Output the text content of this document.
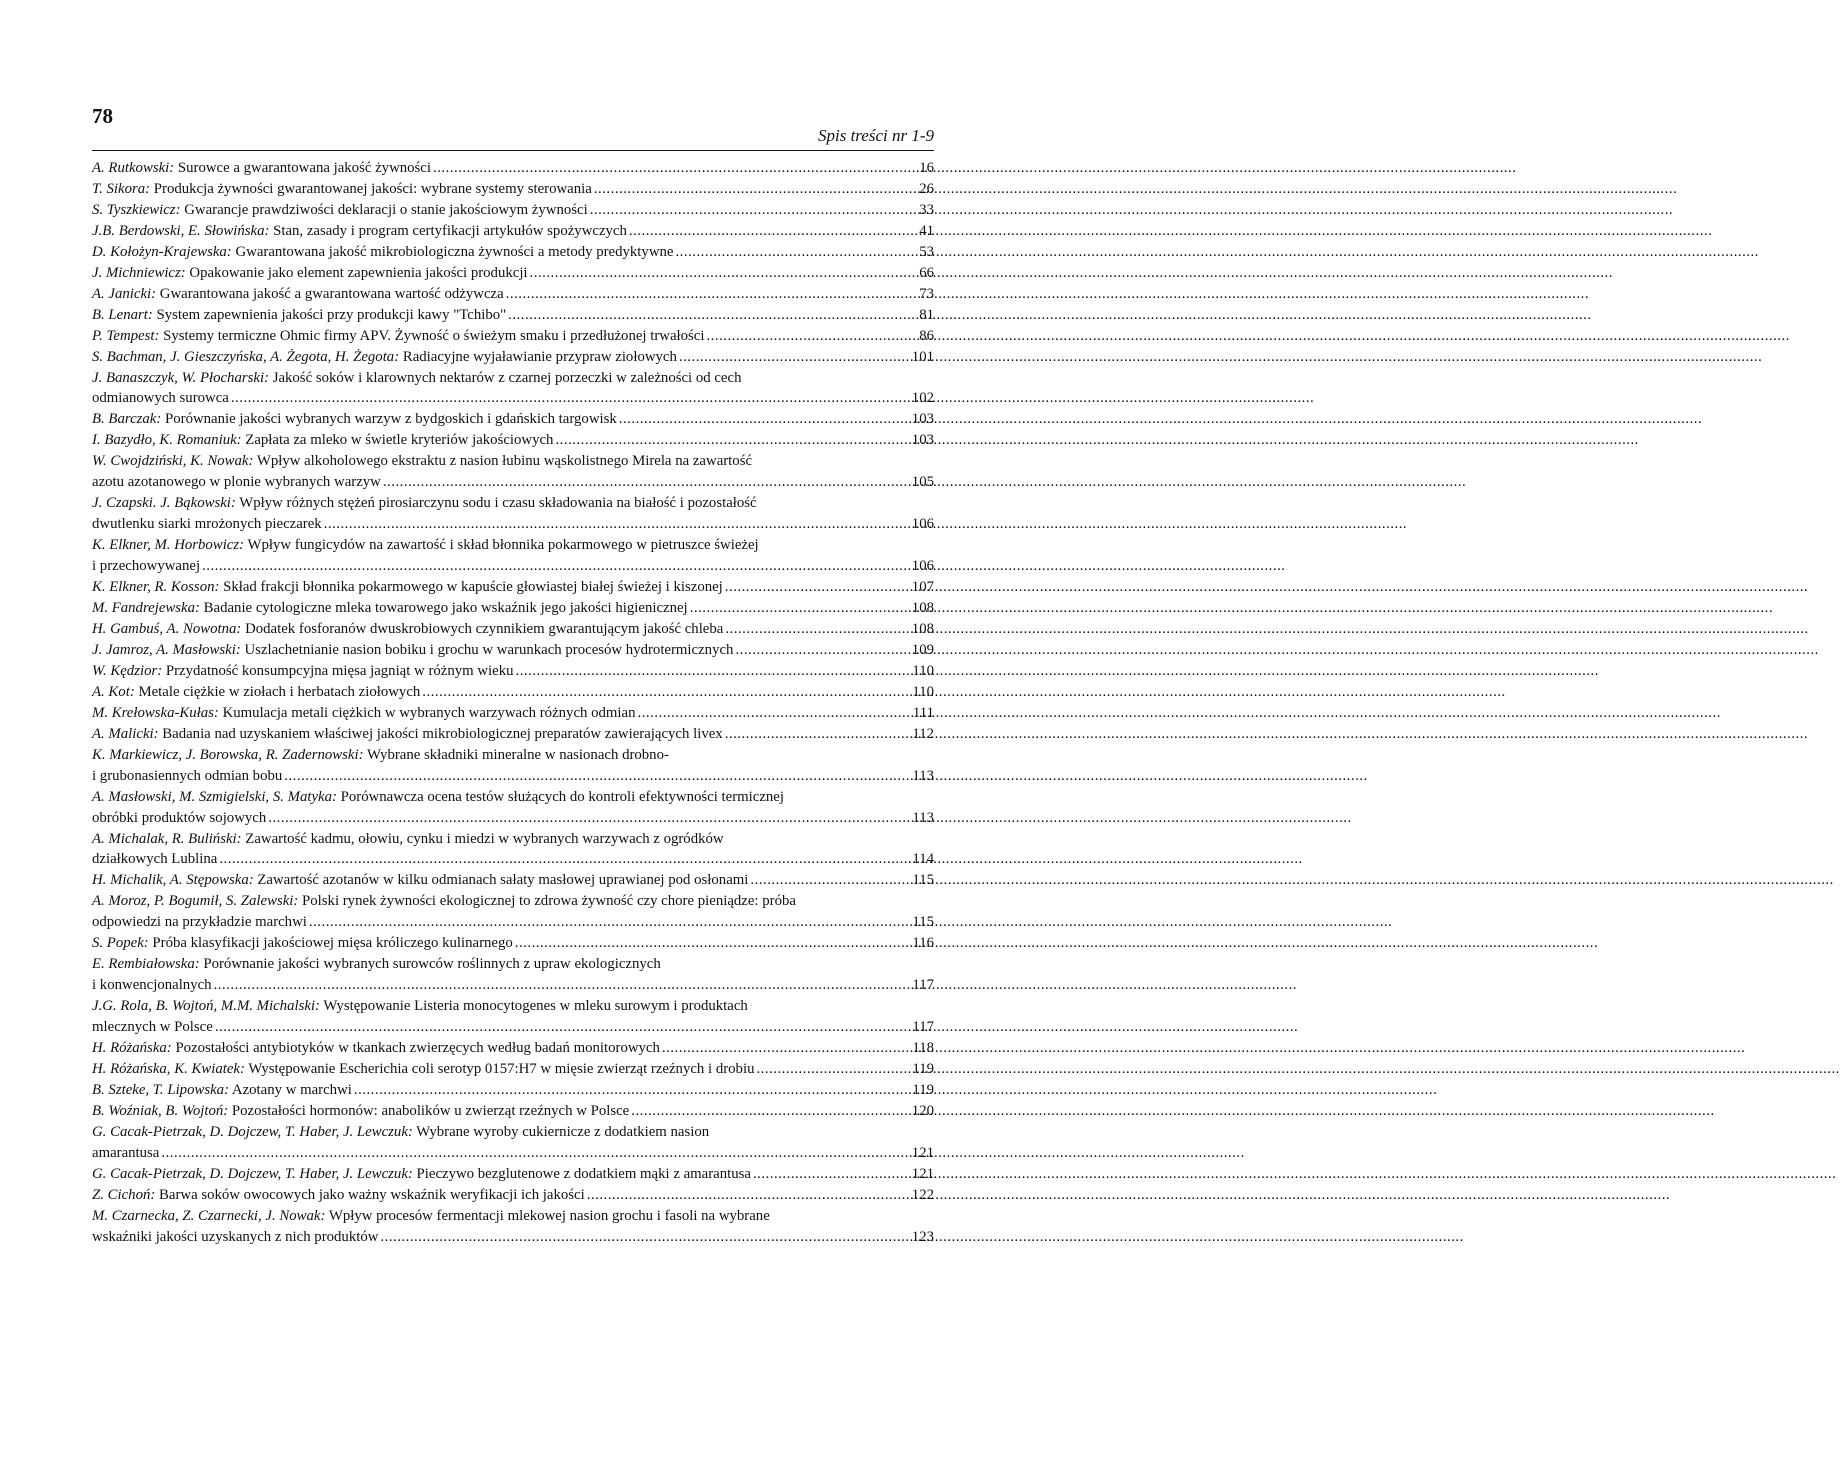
78
Spis treści nr 1-9
A. Rutkowski: Surowce a gwarantowana jakość żywności .....	16
T. Sikora: Produkcja żywności gwarantowanej jakości: wybrane systemy sterowania .....	26
S. Tyszkiewicz: Gwarancje prawdziwości deklaracji o stanie jakościowym żywności .....	33
J.B. Berdowski, E. Słowińska: Stan, zasady i program certyfikacji artykułów spożywczych .....	41
D. Kołożyn-Krajewska: Gwarantowana jakość mikrobiologiczna żywności a metody predyktywne .....	53
J. Michniewicz: Opakowanie jako element zapewnienia jakości produkcji .....	66
A. Janicki: Gwarantowana jakość a gwarantowana wartość odżywcza .....	73
B. Lenart: System zapewnienia jakości przy produkcji kawy "Tchibo" .....	81
P. Tempest: Systemy termiczne Ohmic firmy APV. Żywność o świeżym smaku i przedłużonej trwałości .....	86
S. Bachman, J. Gieszczyńska, A. Żegota, H. Żegota: Radiacyjne wyjaławianie przypraw ziołowych .....	101
J. Banaszczyk, W. Płocharski: Jakość soków i klarownych nektarów z czarnej porzeczki w zależności od cech
odmianowych surowca .....	102
B. Barczak: Porównanie jakości wybranych warzyw z bydgoskich i gdańskich targowisk .....	103
I. Bazydło, K. Romaniuk: Zapłata za mleko w świetle kryteriów jakościowych .....	103
W. Cwojdziński, K. Nowak: Wpływ alkoholowego ekstraktu z nasion łubinu wąskolistnego Mirela na zawartość
azotu azotanowego w plonie wybranych warzyw .....	105
J. Czapski. J. Bąkowski: Wpływ różnych stężeń pirosiarczynu sodu i czasu składowania na białość i pozostałość
dwutlenku siarki mrożonych pieczarek .....	106
K. Elkner, M. Horbowicz: Wpływ fungicydów na zawartość i skład błonnika pokarmowego w pietruszce świeżej
i przechowywanej .....	106
K. Elkner, R. Kosson: Skład frakcji błonnika pokarmowego w kapuście głowiastej białej świeżej i kiszonej .....	107
M. Fandrejewska: Badanie cytologiczne mleka towarowego jako wskaźnik jego jakości higienicznej .....	108
H. Gambuś, A. Nowotna: Dodatek fosforanów dwuskrobiowych czynnikiem gwarantującym jakość chleba .....	108
J. Jamroz, A. Masłowski: Uszlachetnianie nasion bobiku i grochu w warunkach procesów hydrotermicznych .....	109
W. Kędzior: Przydatność konsumpcyjna mięsa jagniąt w różnym wieku .....	110
A. Kot: Metale ciężkie w ziołach i herbatach ziołowych .....	110
M. Krełowska-Kułas: Kumulacja metali ciężkich w wybranych warzywach różnych odmian .....	111
A. Malicki: Badania nad uzyskaniem właściwej jakości mikrobiologicznej preparatów zawierających livex .....	112
K. Markiewicz, J. Borowska, R. Zadernowski: Wybrane składniki mineralne w nasionach drobno-
i grubonasiennych odmian bobu .....	113
A. Masłowski, M. Szmigielski, S. Matyka: Porównawcza ocena testów służących do kontroli efektywności termicznej
obróbki produktów sojowych .....	113
A. Michalak, R. Buliński: Zawartość kadmu, ołowiu, cynku i miedzi w wybranych warzywach z ogródków
działkowych Lublina .....	114
H. Michalik, A. Stępowska: Zawartość azotanów w kilku odmianach sałaty masłowej uprawianej pod osłonami .....	115
A. Moroz, P. Bogumił, S. Zalewski: Polski rynek żywności ekologicznej to zdrowa żywność czy chore pieniądze: próba
odpowiedzi na przykładzie marchwi .....	115
S. Popek: Próba klasyfikacji jakościowej mięsa króliczego kulinarnego .....	116
E. Rembiałowska: Porównanie jakości wybranych surowców roślinnych z upraw ekologicznych
i konwencjonalnych .....	117
J.G. Rola, B. Wojtoń, M.M. Michalski: Występowanie Listeria monocytogenes w mleku surowym i produktach
mlecznych w Polsce .....	117
H. Różańska: Pozostałości antybiotyków w tkankach zwierzęcych według badań monitorowych .....	118
H. Różańska, K. Kwiatek: Występowanie Escherichia coli serotyp 0157:H7 w mięsie zwierząt rzeźnych i drobiu .....	119
B. Szteke, T. Lipowska: Azotany w marchwi .....	119
B. Woźniak, B. Wojtoń: Pozostałości hormonów: anabolików u zwierząt rzeźnych w Polsce .....	120
G. Cacak-Pietrzak, D. Dojczew, T. Haber, J. Lewczuk: Wybrane wyroby cukiernicze z dodatkiem nasion
amarantusa .....	121
G. Cacak-Pietrzak, D. Dojczew, T. Haber, J. Lewczuk: Pieczywo bezglutenowe z dodatkiem mąki z amarantusa .....	121
Z. Cichoń: Barwa soków owocowych jako ważny wskaźnik weryfikacji ich jakości .....	122
M. Czarnecka, Z. Czarnecki, J. Nowak: Wpływ procesów fermentacji mlekowej nasion grochu i fasoli na wybrane
wskaźniki jakości uzyskanych z nich produktów .....	123
